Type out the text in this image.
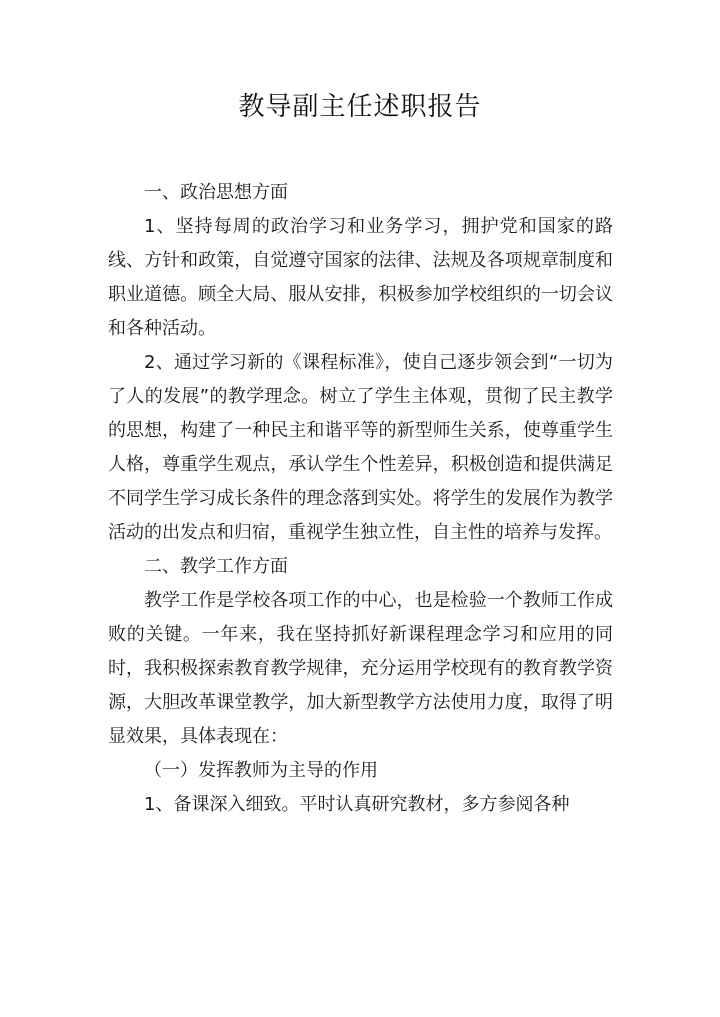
教导副主任述职报告

一、政治思想方面

1、坚持每周的政治学习和业务学习，拥护党和国家的路线、方针和政策，自觉遵守国家的法律、法规及各项规章制度和职业道德。顾全大局、服从安排，积极参加学校组织的一切会议和各种活动。

2、通过学习新的《课程标准》，使自己逐步领会到“一切为了人的发展”的教学理念。树立了学生主体观，贯彻了民主教学的思想，构建了一种民主和谐平等的新型师生关系，使尊重学生人格，尊重学生观点，承认学生个性差异，积极创造和提供满足不同学生学习成长条件的理念落到实处。将学生的发展作为教学活动的出发点和归宿，重视学生独立性，自主性的培养与发挥。

二、教学工作方面

教学工作是学校各项工作的中心，也是检验一个教师工作成败的关键。一年来，我在坚持抓好新课程理念学习和应用的同时，我积极探索教育教学规律，充分运用学校现有的教育教学资源，大胆改革课堂教学，加大新型教学方法使用力度，取得了明显效果，具体表现在：

（一）发挥教师为主导的作用

1、备课深入细致。平时认真研究教材，多方参阅各种
